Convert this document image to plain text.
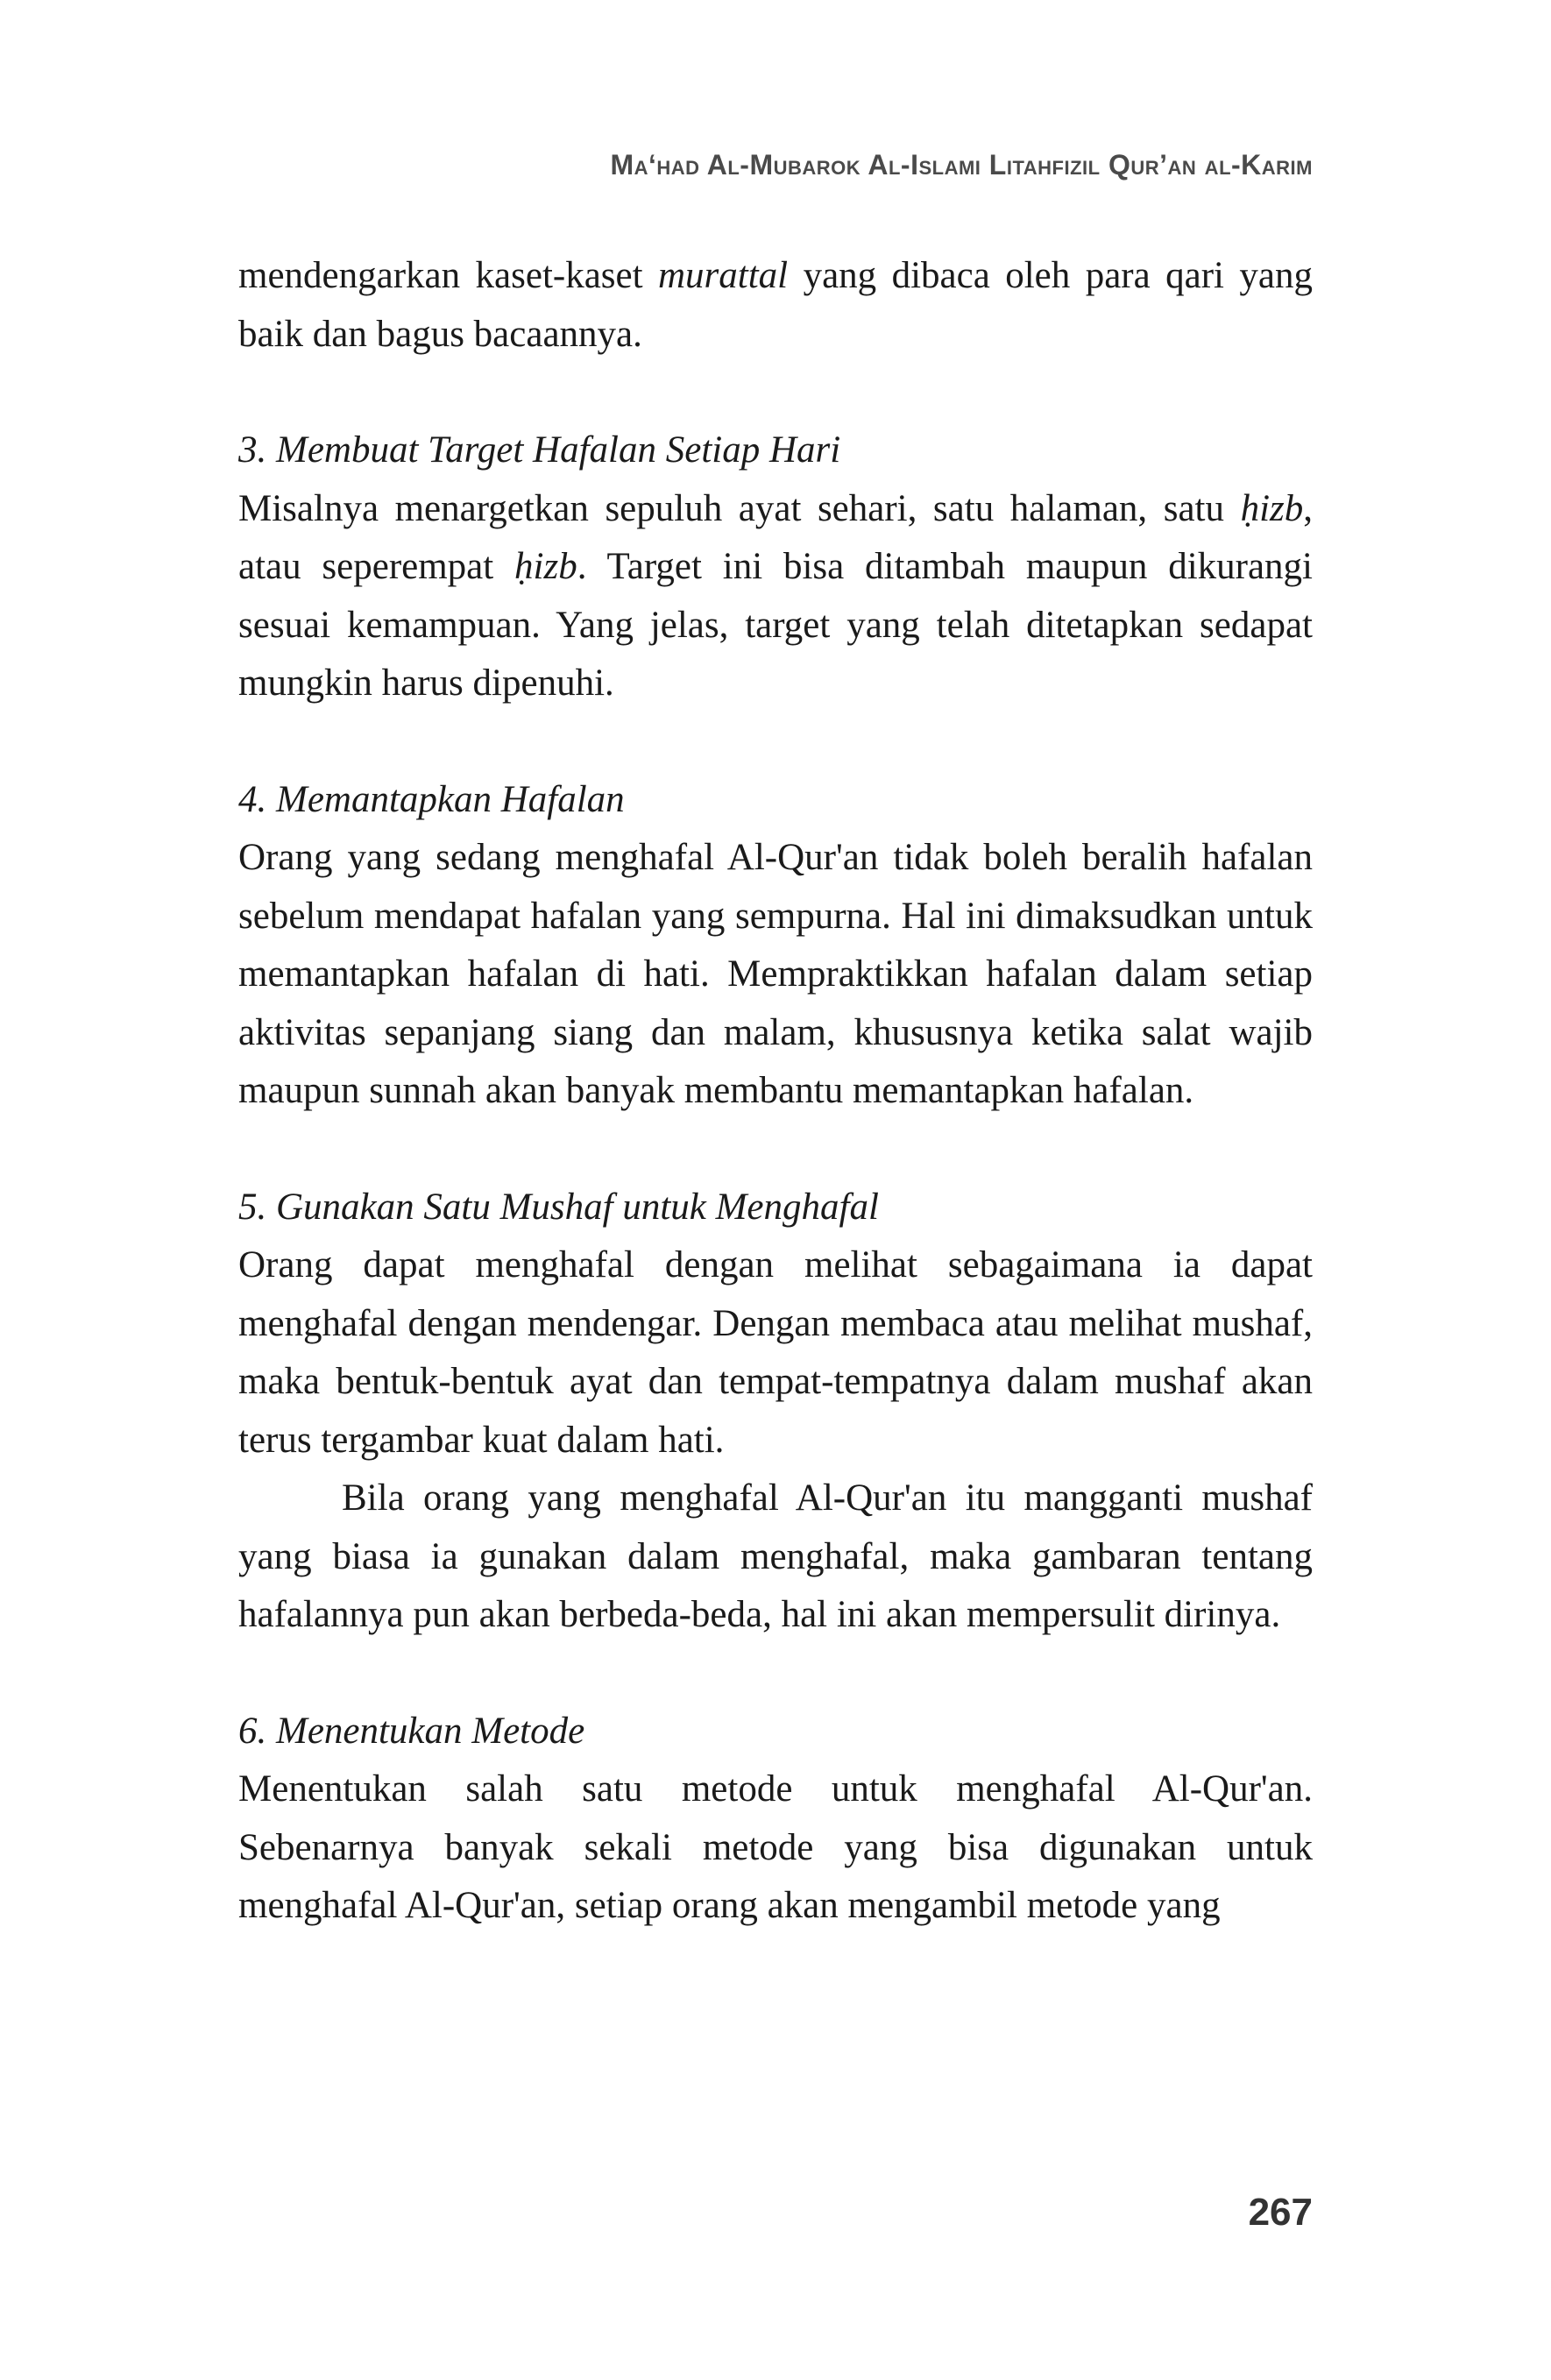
Ma‘had Al-Mubarok Al-Islami Litahfizil Qur’an al-Karim

mendengarkan kaset-kaset murattal yang dibaca oleh para qari yang baik dan bagus bacaannya.

3. Membuat Target Hafalan Setiap Hari

Misalnya menargetkan sepuluh ayat sehari, satu halaman, satu ḥizb, atau seperempat ḥizb. Target ini bisa ditambah maupun dikurangi sesuai kemampuan. Yang jelas, target yang telah ditetapkan sedapat mungkin harus dipenuhi.

4. Memantapkan Hafalan

Orang yang sedang menghafal Al-Qur'an tidak boleh beralih hafalan sebelum mendapat hafalan yang sempurna. Hal ini dimaksudkan untuk memantapkan hafalan di hati. Mempraktikkan hafalan dalam setiap aktivitas sepanjang siang dan malam, khususnya ketika salat wajib maupun sunnah akan banyak membantu memantapkan hafalan.

5. Gunakan Satu Mushaf untuk Menghafal

Orang dapat menghafal dengan melihat sebagaimana ia dapat menghafal dengan mendengar. Dengan membaca atau melihat mushaf, maka bentuk-bentuk ayat dan tempat-tempatnya dalam mushaf akan terus tergambar kuat dalam hati.

Bila orang yang menghafal Al-Qur'an itu mangganti mushaf yang biasa ia gunakan dalam menghafal, maka gambaran tentang hafalannya pun akan berbeda-beda, hal ini akan mempersulit dirinya.

6. Menentukan Metode

Menentukan salah satu metode untuk menghafal Al-Qur'an. Sebenarnya banyak sekali metode yang bisa digunakan untuk menghafal Al-Qur'an, setiap orang akan mengambil metode yang

267
